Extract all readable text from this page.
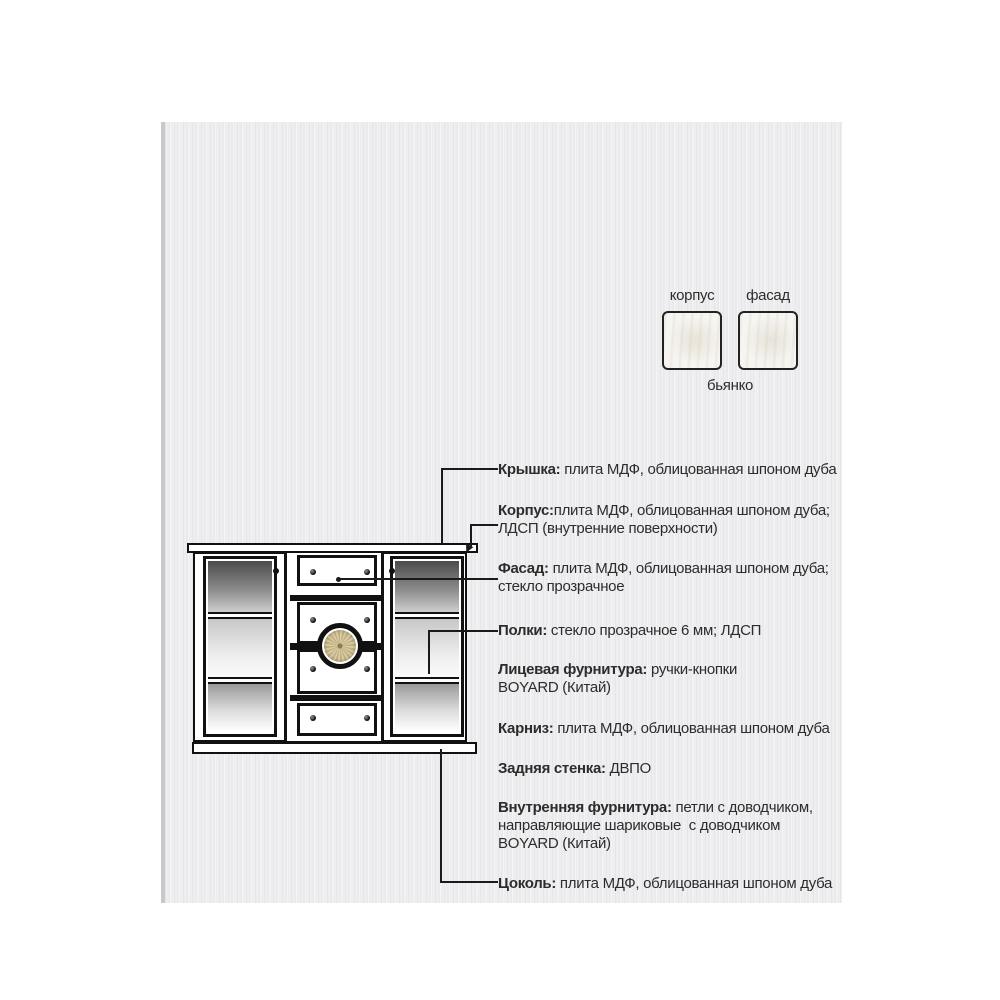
корпус	фасад
бьянко
Крышка: плита МДФ, облицованная шпоном дуба
Корпус:плита МДФ, облицованная шпоном дуба;
ЛДСП (внутренние поверхности)
Фасад: плита МДФ, облицованная шпоном дуба;
стекло прозрачное
Полки: стекло прозрачное 6 мм; ЛДСП
Лицевая фурнитура: ручки-кнопки
BOYARD (Китай)
Карниз: плита МДФ, облицованная шпоном дуба
Задняя стенка: ДВПО
Внутренняя фурнитура: петли с доводчиком,
направляющие шариковые  с доводчиком
BOYARD (Китай)
Цоколь: плита МДФ, облицованная шпоном дуба
